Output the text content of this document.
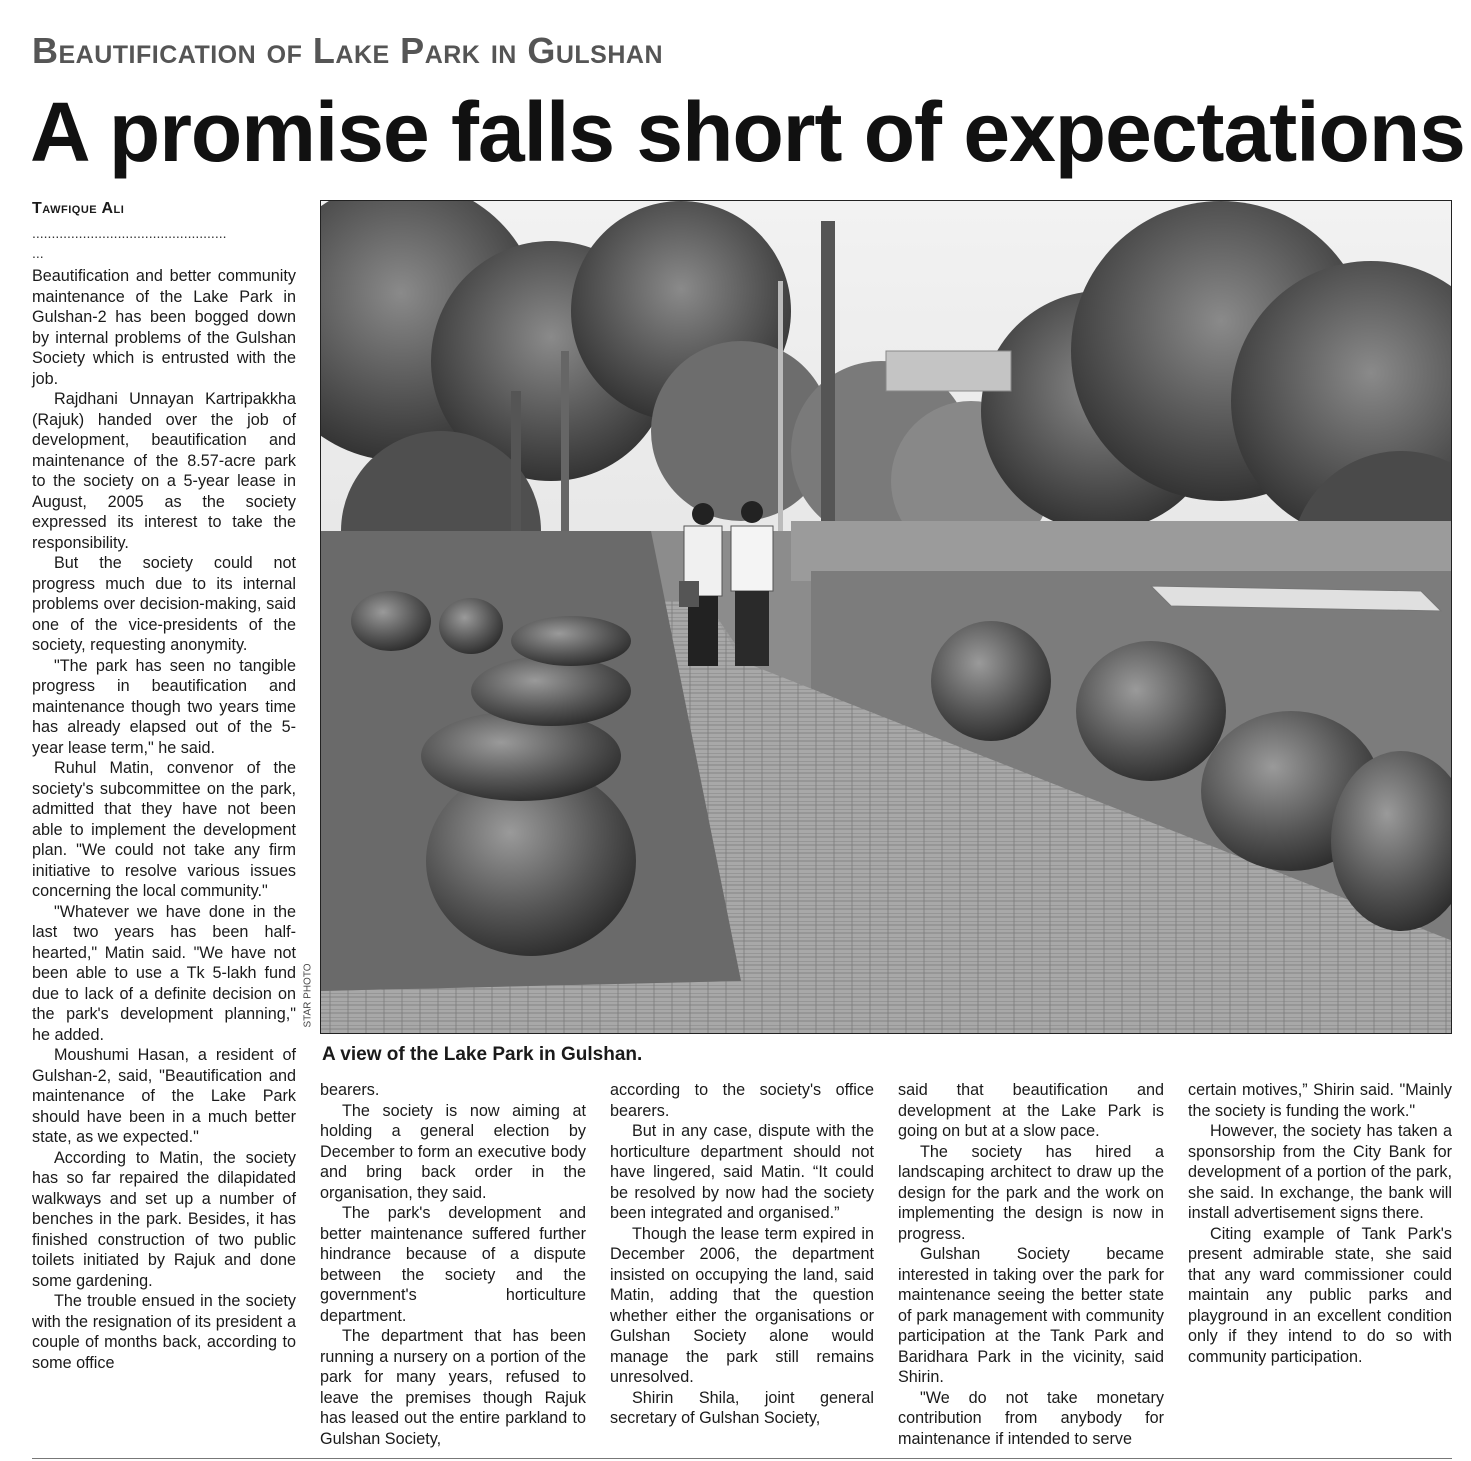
Beautification of Lake Park in Gulshan
A promise falls short of expectations
Tawfique Ali
..................................................
...

Beautification and better community maintenance of the Lake Park in Gulshan-2 has been bogged down by internal problems of the Gulshan Society which is entrusted with the job.

Rajdhani Unnayan Kartripakkha (Rajuk) handed over the job of development, beautification and maintenance of the 8.57-acre park to the society on a 5-year lease in August, 2005 as the society expressed its interest to take the responsibility.

But the society could not progress much due to its internal problems over decision-making, said one of the vice-presidents of the society, requesting anonymity.

"The park has seen no tangible progress in beautification and maintenance though two years time has already elapsed out of the 5-year lease term," he said.

Ruhul Matin, convenor of the society's subcommittee on the park, admitted that they have not been able to implement the development plan. "We could not take any firm initiative to resolve various issues concerning the local community."

"Whatever we have done in the last two years has been half-hearted," Matin said. "We have not been able to use a Tk 5-lakh fund due to lack of a definite decision on the park's development planning," he added.

Moushumi Hasan, a resident of Gulshan-2, said, "Beautification and maintenance of the Lake Park should have been in a much better state, as we expected."

According to Matin, the society has so far repaired the dilapidated walkways and set up a number of benches in the park. Besides, it has finished construction of two public toilets initiated by Rajuk and done some gardening.

The trouble ensued in the society with the resignation of its president a couple of months back, according to some office

STAR PHOTO
A view of the Lake Park in Gulshan.

bearers.

The society is now aiming at holding a general election by December to form an executive body and bring back order in the organisation, they said.

The park's development and better maintenance suffered further hindrance because of a dispute between the society and the government's horticulture department.

The department that has been running a nursery on a portion of the park for many years, refused to leave the premises though Rajuk has leased out the entire parkland to Gulshan Society,

according to the society's office bearers.

But in any case, dispute with the horticulture department should not have lingered, said Matin. “It could be resolved by now had the society been integrated and organised.”

Though the lease term expired in December 2006, the department insisted on occupying the land, said Matin, adding that the question whether either the organisations or Gulshan Society alone would manage the park still remains unresolved.

Shirin Shila, joint general secretary of Gulshan Society,

said that beautification and development at the Lake Park is going on but at a slow pace.

The society has hired a landscaping architect to draw up the design for the park and the work on implementing the design is now in progress.

Gulshan Society became interested in taking over the park for maintenance seeing the better state of park management with community participation at the Tank Park and Baridhara Park in the vicinity, said Shirin.

"We do not take monetary contribution from anybody for maintenance if intended to serve

certain motives,” Shirin said. "Mainly the society is funding the work."

However, the society has taken a sponsorship from the City Bank for development of a portion of the park, she said. In exchange, the bank will install advertisement signs there.

Citing example of Tank Park's present admirable state, she said that any ward commissioner could maintain any public parks and playground in an excellent condition only if they intend to do so with community participation.
